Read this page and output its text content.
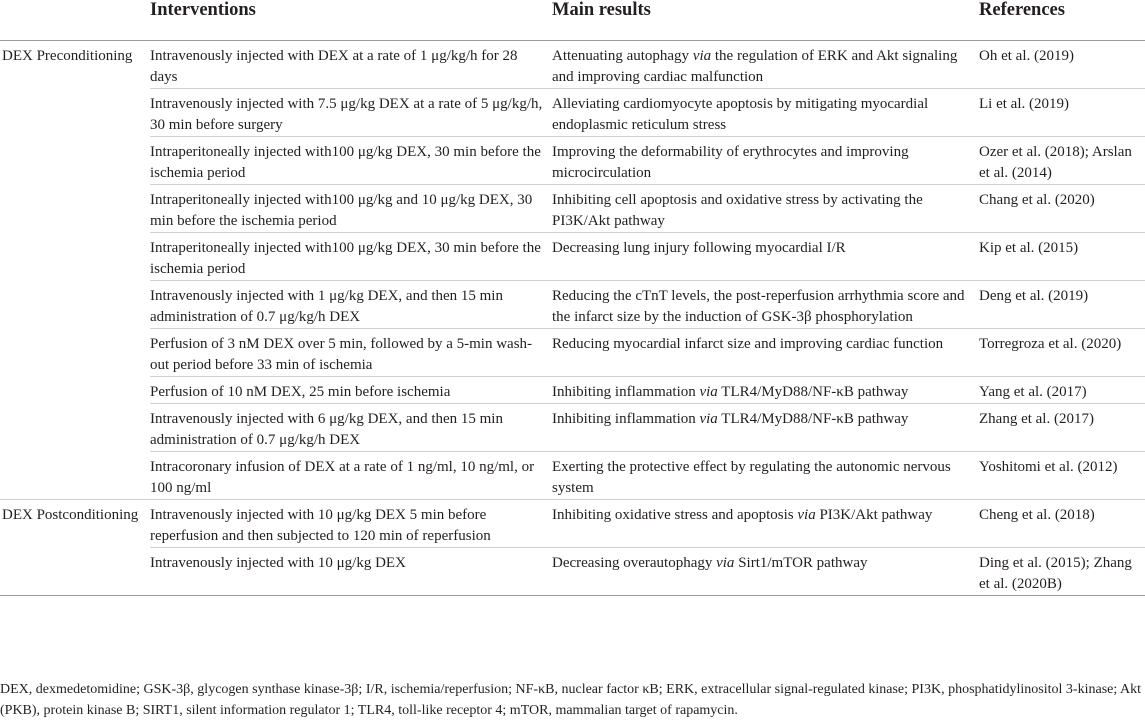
	Interventions	Main results	References

DEX Preconditioning	Intravenously injected with DEX at a rate of 1 μg/kg/h for 28 days	Attenuating autophagy via the regulation of ERK and Akt signaling and improving cardiac malfunction	Oh et al. (2019)
	Intravenously injected with 7.5 μg/kg DEX at a rate of 5 μg/kg/h, 30 min before surgery	Alleviating cardiomyocyte apoptosis by mitigating myocardial endoplasmic reticulum stress	Li et al. (2019)
	Intraperitoneally injected with100 μg/kg DEX, 30 min before the ischemia period	Improving the deformability of erythrocytes and improving microcirculation	Ozer et al. (2018); Arslan et al. (2014)
	Intraperitoneally injected with100 μg/kg and 10 μg/kg DEX, 30 min before the ischemia period	Inhibiting cell apoptosis and oxidative stress by activating the PI3K/Akt pathway	Chang et al. (2020)
	Intraperitoneally injected with100 μg/kg DEX, 30 min before the ischemia period	Decreasing lung injury following myocardial I/R	Kip et al. (2015)
	Intravenously injected with 1 μg/kg DEX, and then 15 min administration of 0.7 μg/kg/h DEX	Reducing the cTnT levels, the post-reperfusion arrhythmia score and the infarct size by the induction of GSK-3β phosphorylation	Deng et al. (2019)
	Perfusion of 3 nM DEX over 5 min, followed by a 5-min wash-out period before 33 min of ischemia	Reducing myocardial infarct size and improving cardiac function	Torregroza et al. (2020)
	Perfusion of 10 nM DEX, 25 min before ischemia	Inhibiting inflammation via TLR4/MyD88/NF-κB pathway	Yang et al. (2017)
	Intravenously injected with 6 μg/kg DEX, and then 15 min administration of 0.7 μg/kg/h DEX	Inhibiting inflammation via TLR4/MyD88/NF-κB pathway	Zhang et al. (2017)
	Intracoronary infusion of DEX at a rate of 1 ng/ml, 10 ng/ml, or 100 ng/ml	Exerting the protective effect by regulating the autonomic nervous system	Yoshitomi et al. (2012)
DEX Postconditioning	Intravenously injected with 10 μg/kg DEX 5 min before reperfusion and then subjected to 120 min of reperfusion	Inhibiting oxidative stress and apoptosis via PI3K/Akt pathway	Cheng et al. (2018)
	Intravenously injected with 10 μg/kg DEX	Decreasing overautophagy via Sirt1/mTOR pathway	Ding et al. (2015); Zhang et al. (2020B)
DEX, dexmedetomidine; GSK-3β, glycogen synthase kinase-3β; I/R, ischemia/reperfusion; NF-κB, nuclear factor κB; ERK, extracellular signal-regulated kinase; PI3K, phosphatidylinositol 3-kinase; Akt (PKB), protein kinase B; SIRT1, silent information regulator 1; TLR4, toll-like receptor 4; mTOR, mammalian target of rapamycin.
